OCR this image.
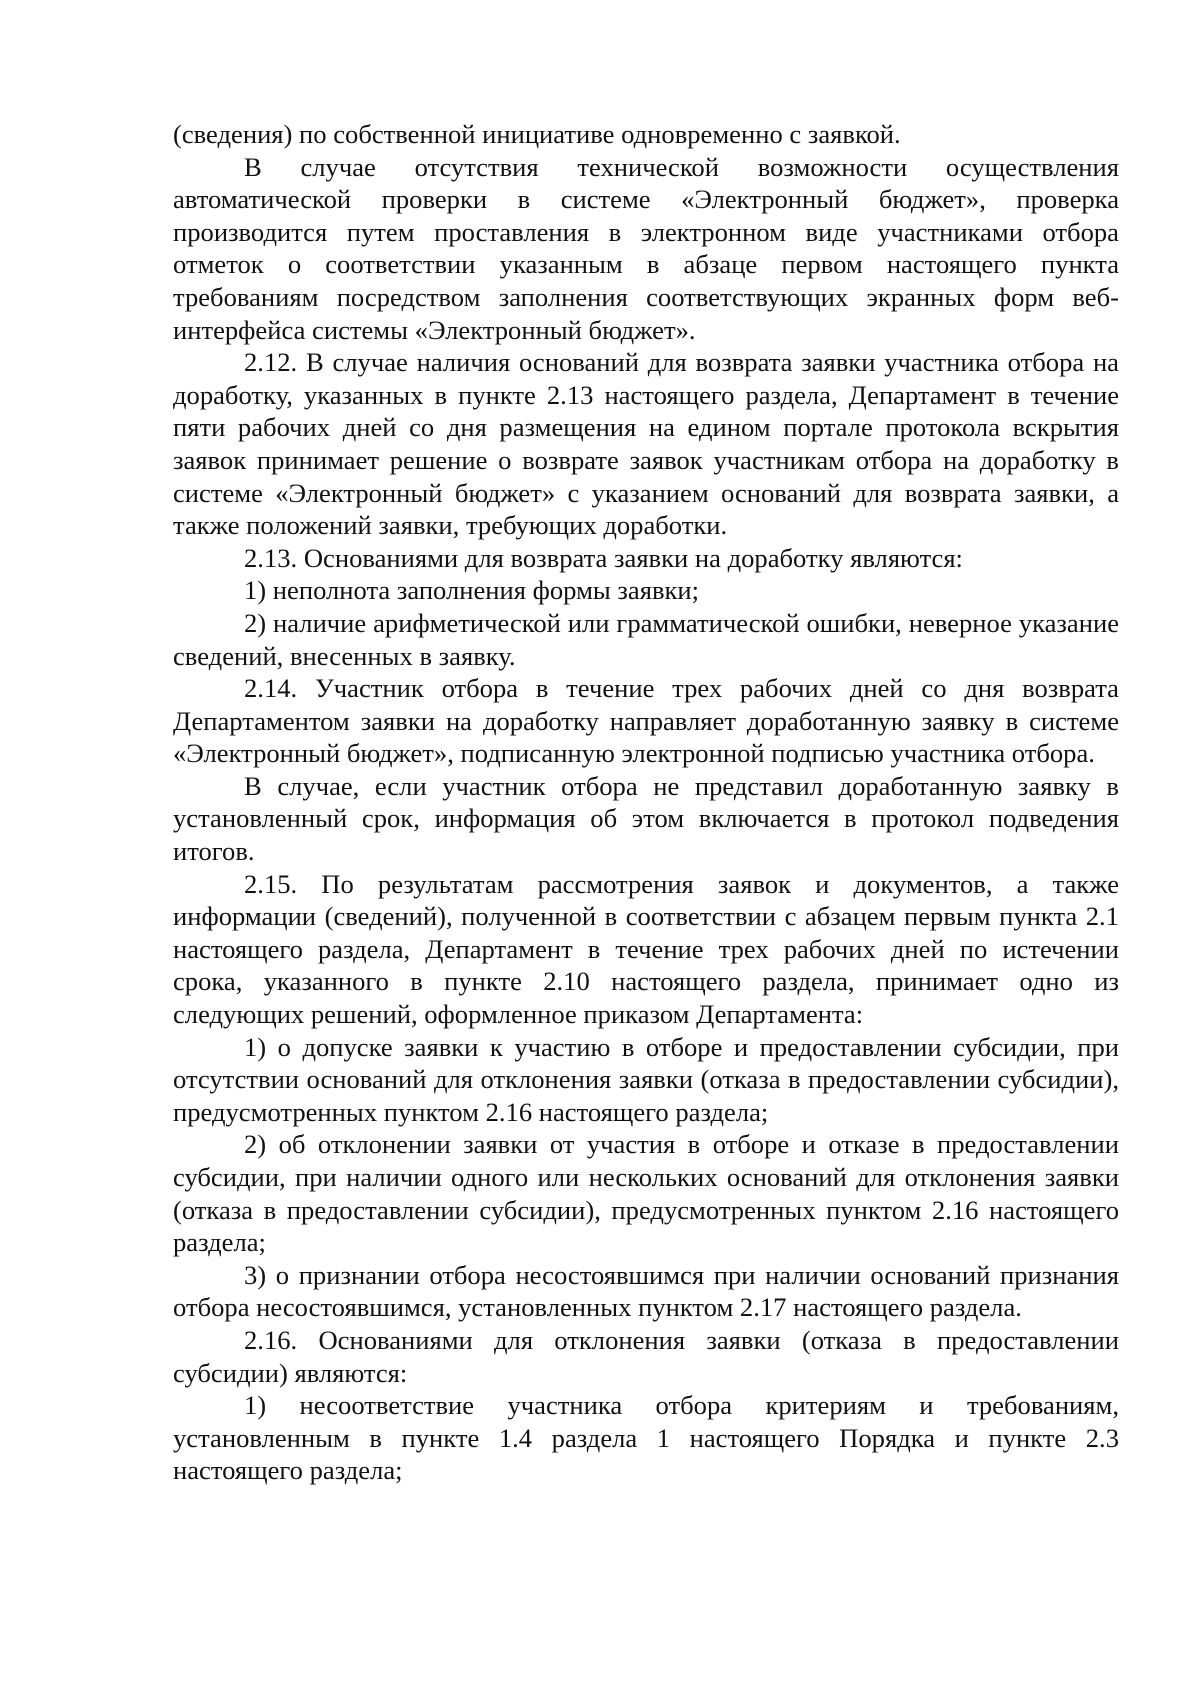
(сведения) по собственной инициативе одновременно с заявкой.

В случае отсутствия технической возможности осуществления автоматической проверки в системе «Электронный бюджет», проверка производится путем проставления в электронном виде участниками отбора отметок о соответствии указанным в абзаце первом настоящего пункта требованиям посредством заполнения соответствующих экранных форм веб-интерфейса системы «Электронный бюджет».

2.12. В случае наличия оснований для возврата заявки участника отбора на доработку, указанных в пункте 2.13 настоящего раздела, Департамент в течение пяти рабочих дней со дня размещения на едином портале протокола вскрытия заявок принимает решение о возврате заявок участникам отбора на доработку в системе «Электронный бюджет» с указанием оснований для возврата заявки, а также положений заявки, требующих доработки.

2.13. Основаниями для возврата заявки на доработку являются:

1) неполнота заполнения формы заявки;

2) наличие арифметической или грамматической ошибки, неверное указание сведений, внесенных в заявку.

2.14. Участник отбора в течение трех рабочих дней со дня возврата Департаментом заявки на доработку направляет доработанную заявку в системе «Электронный бюджет», подписанную электронной подписью участника отбора.

В случае, если участник отбора не представил доработанную заявку в установленный срок, информация об этом включается в протокол подведения итогов.

2.15. По результатам рассмотрения заявок и документов, а также информации (сведений), полученной в соответствии с абзацем первым пункта 2.1 настоящего раздела, Департамент в течение трех рабочих дней по истечении срока, указанного в пункте 2.10 настоящего раздела, принимает одно из следующих решений, оформленное приказом Департамента:

1) о допуске заявки к участию в отборе и предоставлении субсидии, при отсутствии оснований для отклонения заявки (отказа в предоставлении субсидии), предусмотренных пунктом 2.16 настоящего раздела;

2) об отклонении заявки от участия в отборе и отказе в предоставлении субсидии, при наличии одного или нескольких оснований для отклонения заявки (отказа в предоставлении субсидии), предусмотренных пунктом 2.16 настоящего раздела;

3) о признании отбора несостоявшимся при наличии оснований признания отбора несостоявшимся, установленных пунктом 2.17 настоящего раздела.

2.16. Основаниями для отклонения заявки (отказа в предоставлении субсидии) являются:

1) несоответствие участника отбора критериям и требованиям, установленным в пункте 1.4 раздела 1 настоящего Порядка и пункте 2.3 настоящего раздела;
